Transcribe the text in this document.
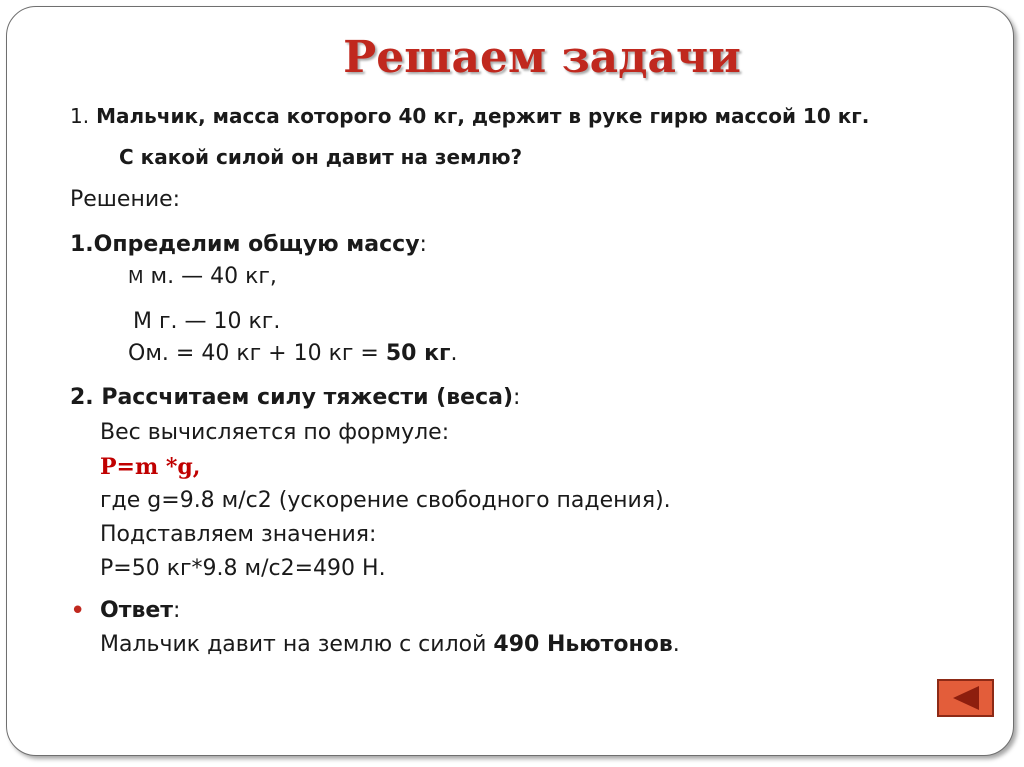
Решаем задачи
1. Мальчик, масса которого 40 кг, держит в руке гирю массой 10 кг.
С какой силой он давит на землю?
Решение:
1.Определим общую массу:
М м. — 40 кг,
М г. — 10 кг.
Ом. = 40 кг + 10 кг = 50 кг.
2. Рассчитаем силу тяжести (веса):
Вес вычисляется по формуле:
P=m *g,
где g=9.8 м/с2 (ускорение свободного падения).
Подставляем значения:
P=50 кг*9.8 м/с2=490 Н.
• Ответ:
Мальчик давит на землю с силой 490 Ньютонов.
